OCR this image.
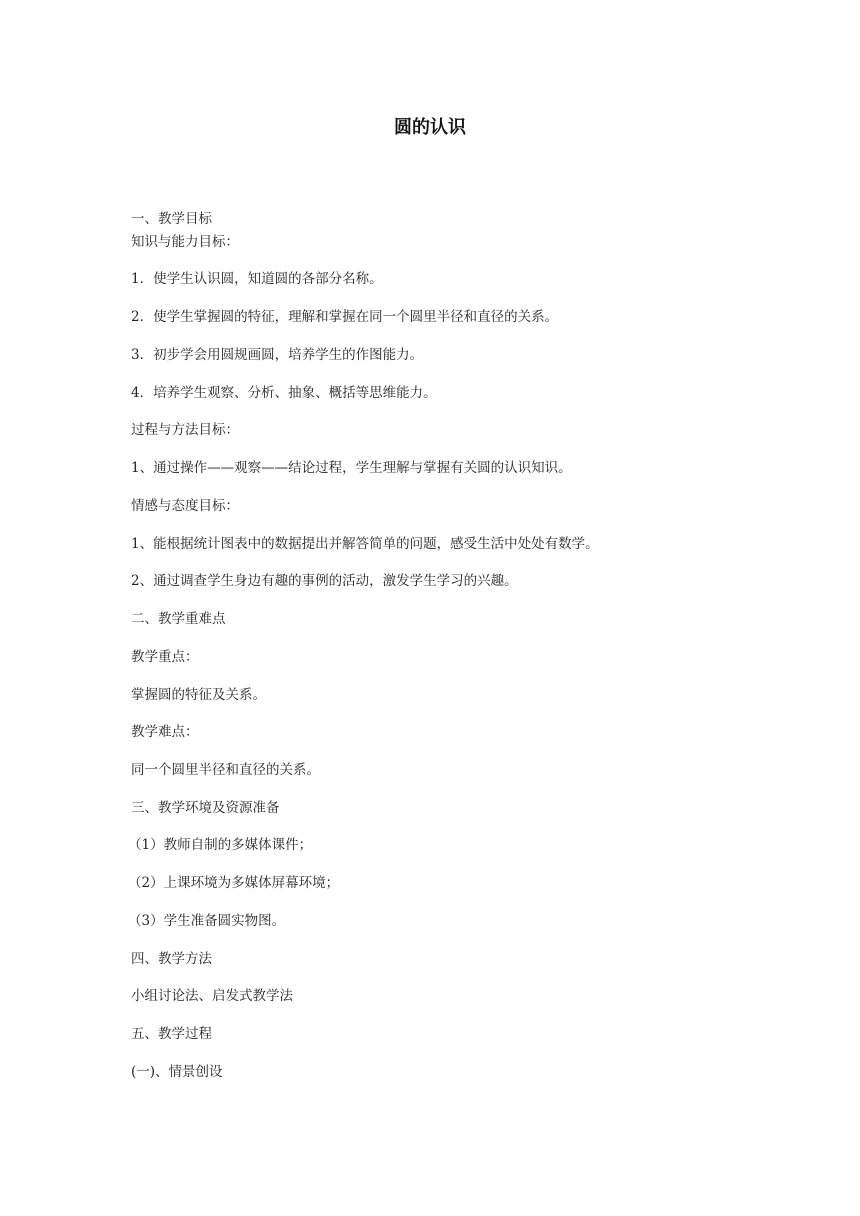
圆的认识
一、教学目标
知识与能力目标：
1．使学生认识圆，知道圆的各部分名称。
2．使学生掌握圆的特征，理解和掌握在同一个圆里半径和直径的关系。
3．初步学会用圆规画圆，培养学生的作图能力。
4．培养学生观察、分析、抽象、概括等思维能力。
过程与方法目标：
1、通过操作——观察——结论过程，学生理解与掌握有关圆的认识知识。
情感与态度目标：
1、能根据统计图表中的数据提出并解答简单的问题，感受生活中处处有数学。
2、通过调查学生身边有趣的事例的活动，激发学生学习的兴趣。
二、教学重难点
教学重点：
掌握圆的特征及关系。
教学难点：
同一个圆里半径和直径的关系。
三、教学环境及资源准备
（1）教师自制的多媒体课件；
（2）上课环境为多媒体屏幕环境；
（3）学生准备圆实物图。
四、教学方法
小组讨论法、启发式教学法
五、教学过程
(一)、情景创设
